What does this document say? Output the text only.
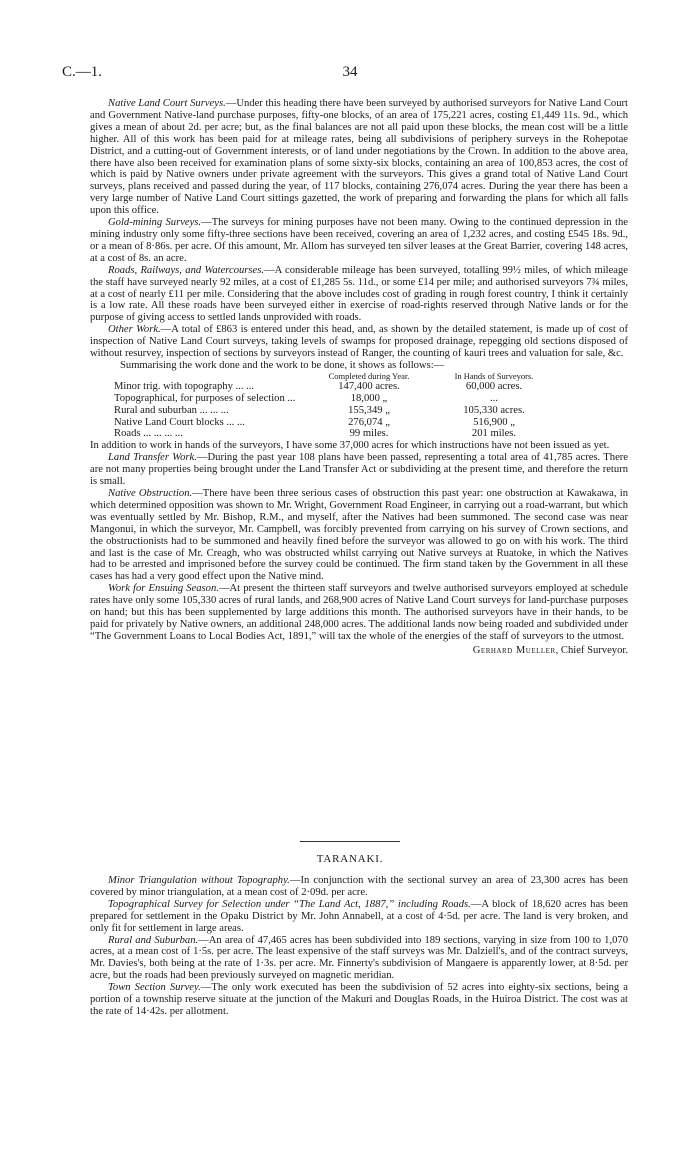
C.—1.	34

Native Land Court Surveys.—Under this heading there have been surveyed by authorised surveyors for Native Land Court and Government Native-land purchase purposes, fifty-one blocks, of an area of 175,221 acres, costing £1,449 11s. 9d., which gives a mean of about 2d. per acre; but, as the final balances are not all paid upon these blocks, the mean cost will be a little higher. All of this work has been paid for at mileage rates, being all subdivisions of periphery surveys in the Rohepotae District, and a cutting-out of Government interests, or of land under negotiations by the Crown. In addition to the above area, there have also been received for examination plans of some sixty-six blocks, containing an area of 100,853 acres, the cost of which is paid by Native owners under private agreement with the surveyors. This gives a grand total of Native Land Court surveys, plans received and passed during the year, of 117 blocks, containing 276,074 acres. During the year there has been a very large number of Native Land Court sittings gazetted, the work of preparing and forwarding the plans for which all falls upon this office.

Gold-mining Surveys.—The surveys for mining purposes have not been many. Owing to the continued depression in the mining industry only some fifty-three sections have been received, covering an area of 1,232 acres, and costing £545 18s. 9d., or a mean of 8·86s. per acre. Of this amount, Mr. Allom has surveyed ten silver leases at the Great Barrier, covering 148 acres, at a cost of 8s. an acre.

Roads, Railways, and Watercourses.—A considerable mileage has been surveyed, totalling 99½ miles, of which mileage the staff have surveyed nearly 92 miles, at a cost of £1,285 5s. 11d., or some £14 per mile; and authorised surveyors 7¾ miles, at a cost of nearly £11 per mile. Considering that the above includes cost of grading in rough forest country, I think it certainly is a low rate. All these roads have been surveyed either in exercise of road-rights reserved through Native lands or for the purpose of giving access to settled lands unprovided with roads.

Other Work.—A total of £863 is entered under this head, and, as shown by the detailed statement, is made up of cost of inspection of Native Land Court surveys, taking levels of swamps for proposed drainage, repegging old sections disposed of without resurvey, inspection of sections by surveyors instead of Ranger, the counting of kauri trees and valuation for sale, &c.

Summarising the work done and the work to be done, it shows as follows:—

	Completed during Year.	In Hands of Surveyors.
Minor trig. with topography ... ...	147,400 acres.	60,000 acres.
Topographical, for purposes of selection ...	18,000 „	...
Rural and suburban ... ... ...	155,349 „	105,330 acres.
Native Land Court blocks ... ...	276,074 „	516,900 „
Roads ... ... ... ...	99 miles.	201 miles.

In addition to work in hands of the surveyors, I have some 37,000 acres for which instructions have not been issued as yet.

Land Transfer Work.—During the past year 108 plans have been passed, representing a total area of 41,785 acres. There are not many properties being brought under the Land Transfer Act or subdividing at the present time, and therefore the return is small.

Native Obstruction.—There have been three serious cases of obstruction this past year: one obstruction at Kawakawa, in which determined opposition was shown to Mr. Wright, Government Road Engineer, in carrying out a road-warrant, but which was eventually settled by Mr. Bishop, R.M., and myself, after the Natives had been summoned. The second case was near Mangonui, in which the surveyor, Mr. Campbell, was forcibly prevented from carrying on his survey of Crown sections, and the obstructionists had to be summoned and heavily fined before the surveyor was allowed to go on with his work. The third and last is the case of Mr. Creagh, who was obstructed whilst carrying out Native surveys at Ruatoke, in which the Natives had to be arrested and imprisoned before the survey could be continued. The firm stand taken by the Government in all these cases has had a very good effect upon the Native mind.

Work for Ensuing Season.—At present the thirteen staff surveyors and twelve authorised surveyors employed at schedule rates have only some 105,330 acres of rural lands, and 268,900 acres of Native Land Court surveys for land-purchase purposes on hand; but this has been supplemented by large additions this month. The authorised surveyors have in their hands, to be paid for privately by Native owners, an additional 248,000 acres. The additional lands now being roaded and subdivided under “The Government Loans to Local Bodies Act, 1891,” will tax the whole of the energies of the staff of surveyors to the utmost.

Gerhard Mueller, Chief Surveyor.
TARANAKI.

Minor Triangulation without Topography.—In conjunction with the sectional survey an area of 23,300 acres has been covered by minor triangulation, at a mean cost of 2·09d. per acre.

Topographical Survey for Selection under “The Land Act, 1887,” including Roads.—A block of 18,620 acres has been prepared for settlement in the Opaku District by Mr. John Annabell, at a cost of 4·5d. per acre. The land is very broken, and only fit for settlement in large areas.

Rural and Suburban.—An area of 47,465 acres has been subdivided into 189 sections, varying in size from 100 to 1,070 acres, at a mean cost of 1·5s. per acre. The least expensive of the staff surveys was Mr. Dalziell's, and of the contract surveys, Mr. Davies's, both being at the rate of 1·3s. per acre. Mr. Finnerty's subdivision of Mangaere is apparently lower, at 8·5d. per acre, but the roads had been previously surveyed on magnetic meridian.

Town Section Survey.—The only work executed has been the subdivision of 52 acres into eighty-six sections, being a portion of a township reserve situate at the junction of the Makuri and Douglas Roads, in the Huiroa District. The cost was at the rate of 14·42s. per allotment.
